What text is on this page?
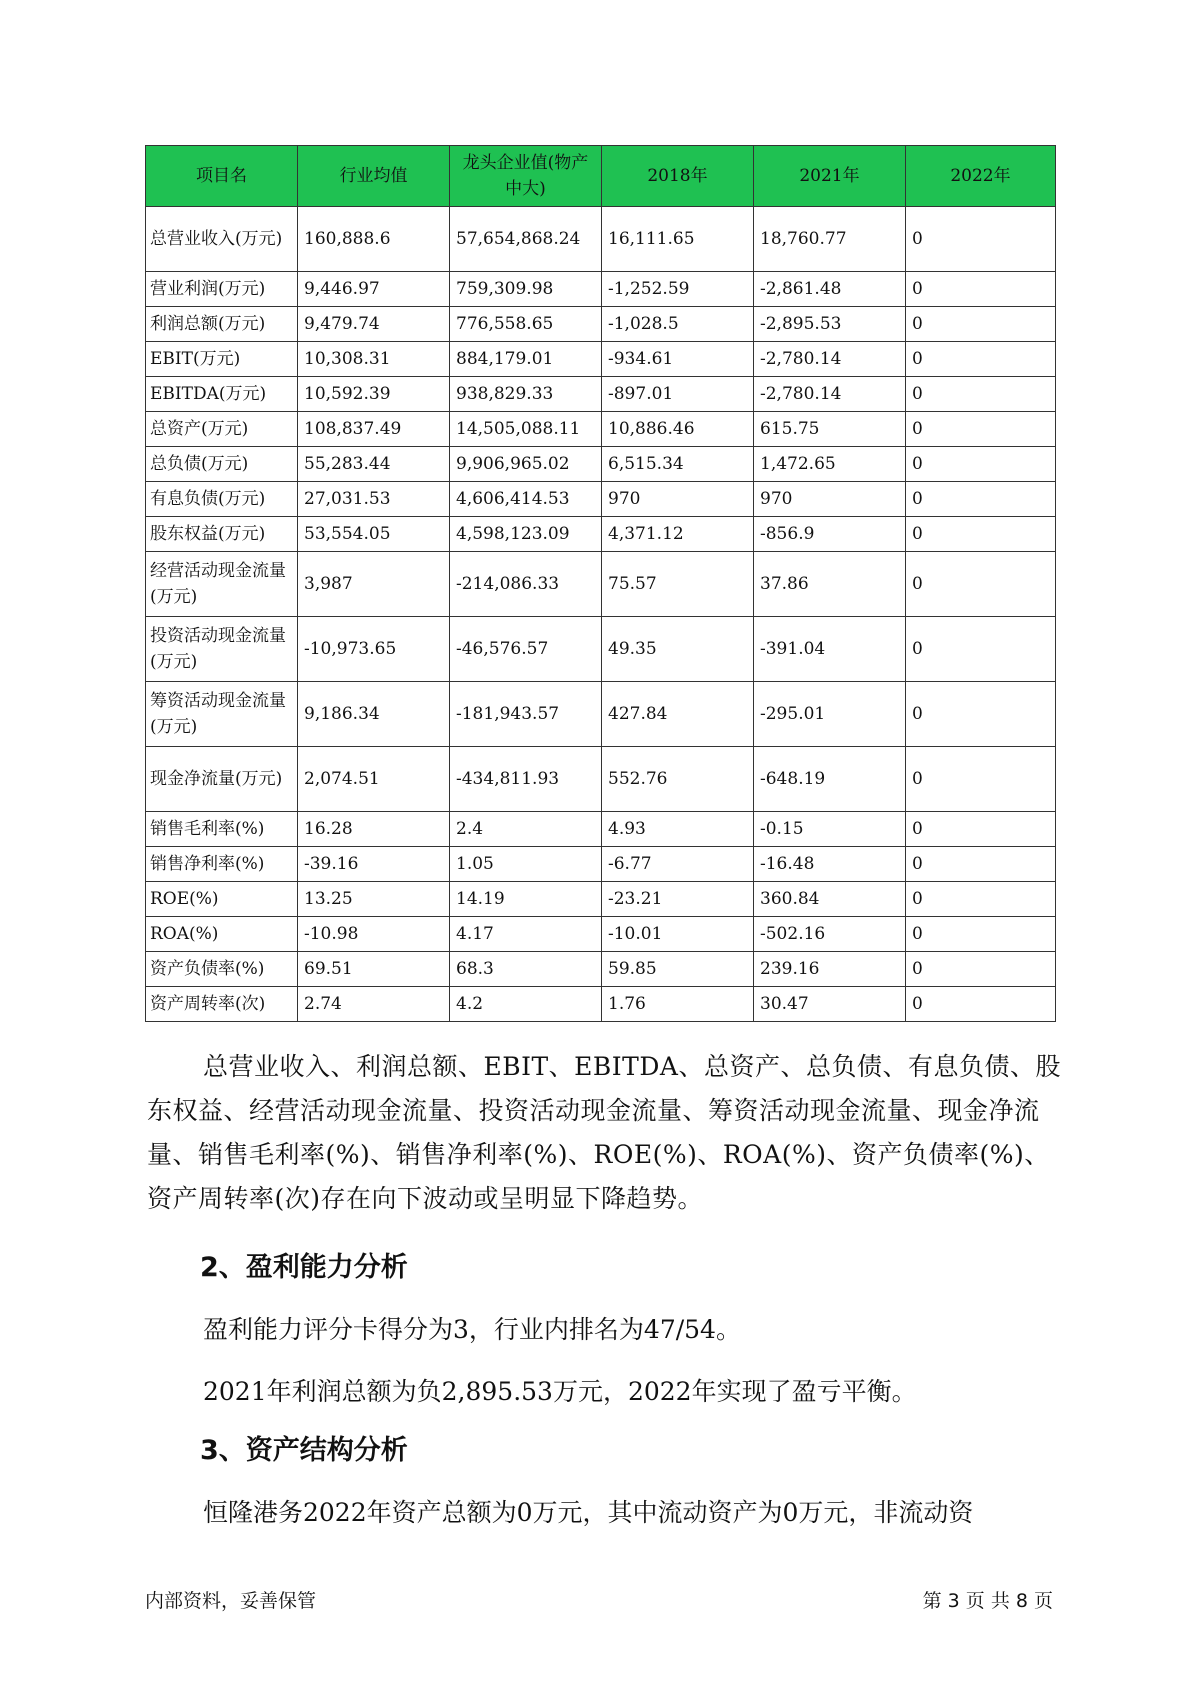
项目名	行业均值	龙头企业值(物产中大)	2018年	2021年	2022年
总营业收入(万元)	160,888.6	57,654,868.24	16,111.65	18,760.77	0
营业利润(万元)	9,446.97	759,309.98	-1,252.59	-2,861.48	0
利润总额(万元)	9,479.74	776,558.65	-1,028.5	-2,895.53	0
EBIT(万元)	10,308.31	884,179.01	-934.61	-2,780.14	0
EBITDA(万元)	10,592.39	938,829.33	-897.01	-2,780.14	0
总资产(万元)	108,837.49	14,505,088.11	10,886.46	615.75	0
总负债(万元)	55,283.44	9,906,965.02	6,515.34	1,472.65	0
有息负债(万元)	27,031.53	4,606,414.53	970	970	0
股东权益(万元)	53,554.05	4,598,123.09	4,371.12	-856.9	0
经营活动现金流量(万元)	3,987	-214,086.33	75.57	37.86	0
投资活动现金流量(万元)	-10,973.65	-46,576.57	49.35	-391.04	0
筹资活动现金流量(万元)	9,186.34	-181,943.57	427.84	-295.01	0
现金净流量(万元)	2,074.51	-434,811.93	552.76	-648.19	0
销售毛利率(%)	16.28	2.4	4.93	-0.15	0
销售净利率(%)	-39.16	1.05	-6.77	-16.48	0
ROE(%)	13.25	14.19	-23.21	360.84	0
ROA(%)	-10.98	4.17	-10.01	-502.16	0
资产负债率(%)	69.51	68.3	59.85	239.16	0
资产周转率(次)	2.74	4.2	1.76	30.47	0

总营业收入、利润总额、EBIT、EBITDA、总资产、总负债、有息负债、股东权益、经营活动现金流量、投资活动现金流量、筹资活动现金流量、现金净流量、销售毛利率(%)、销售净利率(%)、ROE(%)、ROA(%)、资产负债率(%)、资产周转率(次)存在向下波动或呈明显下降趋势。

2、盈利能力分析

盈利能力评分卡得分为3，行业内排名为47/54。

2021年利润总额为负2,895.53万元，2022年实现了盈亏平衡。

3、资产结构分析

恒隆港务2022年资产总额为0万元，其中流动资产为0万元，非流动资

内部资料，妥善保管	第 3 页 共 8 页
